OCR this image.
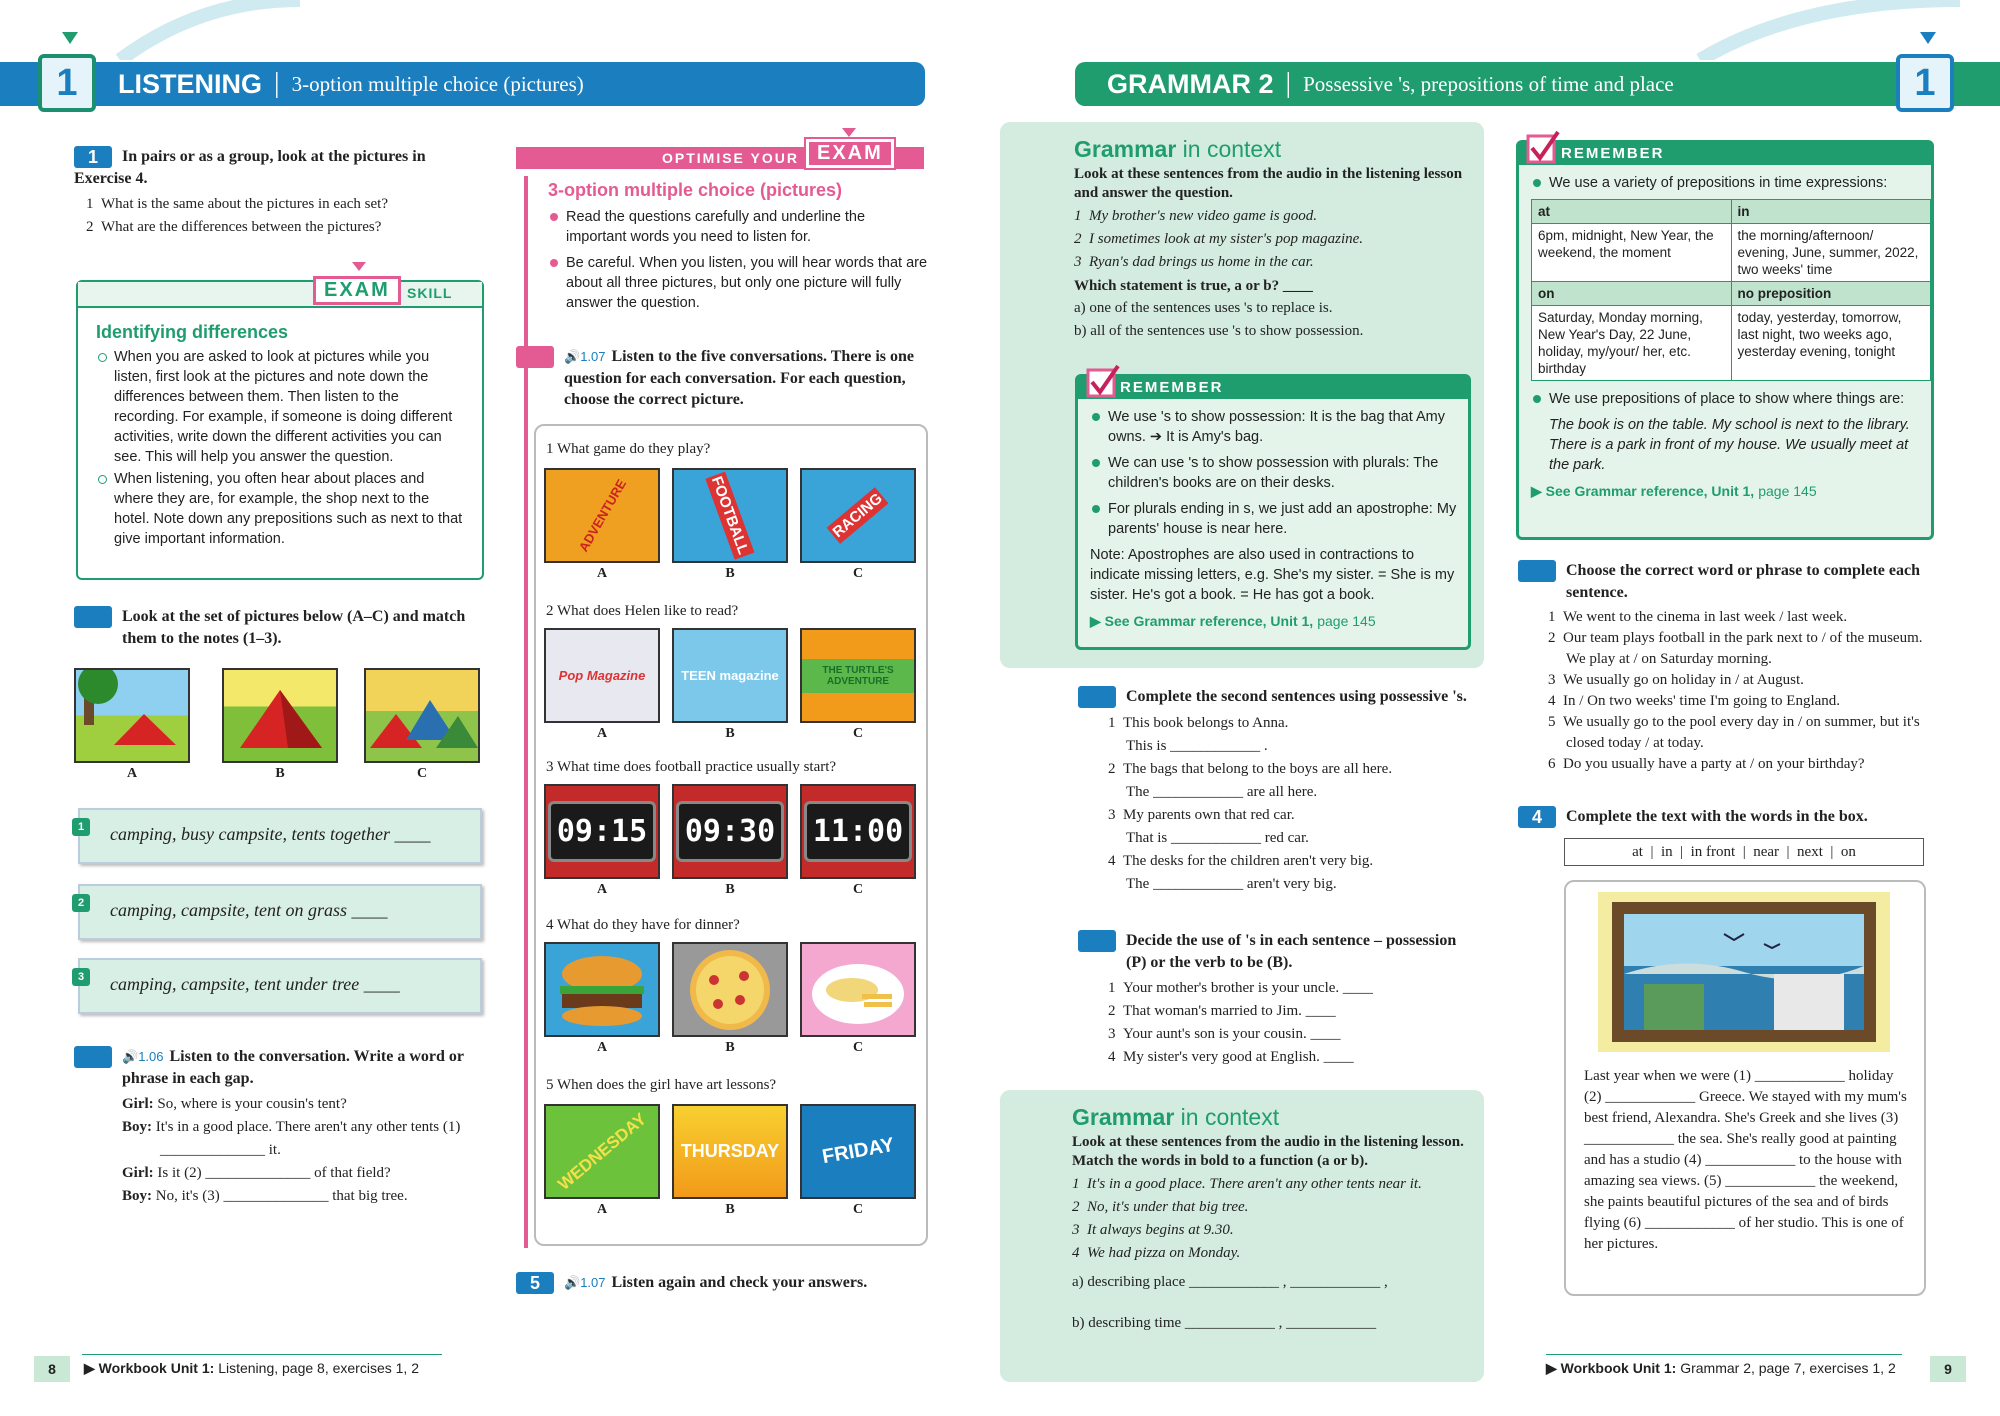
LISTENING | 3-option multiple choice (pictures)
1	GRAMMAR 2 | Possessive 's, prepositions of time and place	1
1 In pairs or as a group, look at the pictures in Exercise 4.
1  What is the same about the pictures in each set?
2  What are the differences between the pictures?
EXAM	SKILL
Identifying differences
When you are asked to look at pictures while you listen, first look at the pictures and note down the differences between them. Then listen to the recording. For example, if someone is doing different activities, write down the different activities you can see. This will help you answer the question.
When listening, you often hear about places and where they are, for example, the shop next to the hotel. Note down any prepositions such as next to that give important information.
2	Look at the set of pictures below (A–C) and match them to the notes (1–3).
A	B	C
1	camping, busy campsite, tents together ____
2	camping, campsite, tent on grass ____
3	camping, campsite, tent under tree ____
3	🔊1.06 Listen to the conversation. Write a word or phrase in each gap.
Girl: So, where is your cousin's tent?
Boy: It's in a good place. There aren't any other tents (1) ______________ it.
Girl: Is it (2) ______________ of that field?
Boy: No, it's (3) ______________ that big tree.
OPTIMISE YOUR EXAM
3-option multiple choice (pictures)
Read the questions carefully and underline the important words you need to listen for.
Be careful. When you listen, you will hear words that are about all three pictures, but only one picture will fully answer the question.
4	🔊1.07 Listen to the five conversations. There is one question for each conversation. For each question, choose the correct picture.
1 What game do they play?
ADVENTURE	FOOTBALL	RACING
A	B	C
2 What does Helen like to read?
Pop Magazine	TEEN magazine	THE TURTLE'S ADVENTURE
A	B	C
3 What time does football practice usually start?
09:15	09:30	11:00
A	B	C
4 What do they have for dinner?
A	B	C
5 When does the girl have art lessons?
WEDNESDAY THURSDAY FRIDAY
A	B	C
5 🔊1.07 Listen again and check your answers.
Grammar in context
Look at these sentences from the audio in the listening lesson and answer the question.
1  My brother's new video game is good.
2  I sometimes look at my sister's pop magazine.
3  Ryan's dad brings us home in the car.
Which statement is true, a or b? ____
a) one of the sentences uses 's to replace is.
b) all of the sentences use 's to show possession.
REMEMBER
We use 's to show possession: It is the bag that Amy owns. ➔ It is Amy's bag.
We can use 's to show possession with plurals: The children's books are on their desks.
For plurals ending in s, we just add an apostrophe: My parents' house is near here.
Note: Apostrophes are also used in contractions to indicate missing letters, e.g. She's my sister. = She is my sister. He's got a book. = He has got a book.
▶ See Grammar reference, Unit 1, page 145
1	Complete the second sentences using possessive 's.
1  This book belongs to Anna.
This is ____________ .
2  The bags that belong to the boys are all here.
The ____________ are all here.
3  My parents own that red car.
That is ____________ red car.
4  The desks for the children aren't very big.
The ____________ aren't very big.
2	Decide the use of 's in each sentence – possession (P) or the verb to be (B).
1  Your mother's brother is your uncle. ____
2  That woman's married to Jim. ____
3  Your aunt's son is your cousin. ____
4  My sister's very good at English. ____
Grammar in context
Look at these sentences from the audio in the listening lesson. Match the words in bold to a function (a or b).
1  It's in a good place. There aren't any other tents near it.
2  No, it's under that big tree.
3  It always begins at 9.30.
4  We had pizza on Monday.
a) describing place ____________ , ____________ ,
b) describing time ____________ , ____________
REMEMBER
We use a variety of prepositions in time expressions:
at	in
6pm, midnight, New Year, the weekend, the moment	the morning/afternoon/ evening, June, summer, 2022, two weeks' time
on	no preposition
Saturday, Monday morning, New Year's Day, 22 June, holiday, my/your/ her, etc. birthday	today, yesterday, tomorrow, last night, two weeks ago, yesterday evening, tonight
We use prepositions of place to show where things are:
The book is on the table. My school is next to the library. There is a park in front of my house. We usually meet at the park.
▶ See Grammar reference, Unit 1, page 145
3	Choose the correct word or phrase to complete each sentence.
1  We went to the cinema in last week / last week.
2  Our team plays football in the park next to / of the museum. We play at / on Saturday morning.
3  We usually go on holiday in / at August.
4  In / On two weeks' time I'm going to England.
5  We usually go to the pool every day in / on summer, but it's closed today / at today.
6  Do you usually have a party at / on your birthday?
4 Complete the text with the words in the box.
at  |  in  |  in front  |  near  |  next  |  on
Last year when we were (1) ____________ holiday (2) ____________ Greece. We stayed with my mum's best friend, Alexandra. She's Greek and she lives (3) ____________ the sea. She's really good at painting and has a studio (4) ____________ to the house with amazing sea views. (5) ____________ the weekend, she paints beautiful pictures of the sea and of birds flying (6) ____________ of her studio. This is one of her pictures.
8	▶ Workbook Unit 1: Listening, page 8, exercises 1, 2	▶ Workbook Unit 1: Grammar 2, page 7, exercises 1, 2	9
